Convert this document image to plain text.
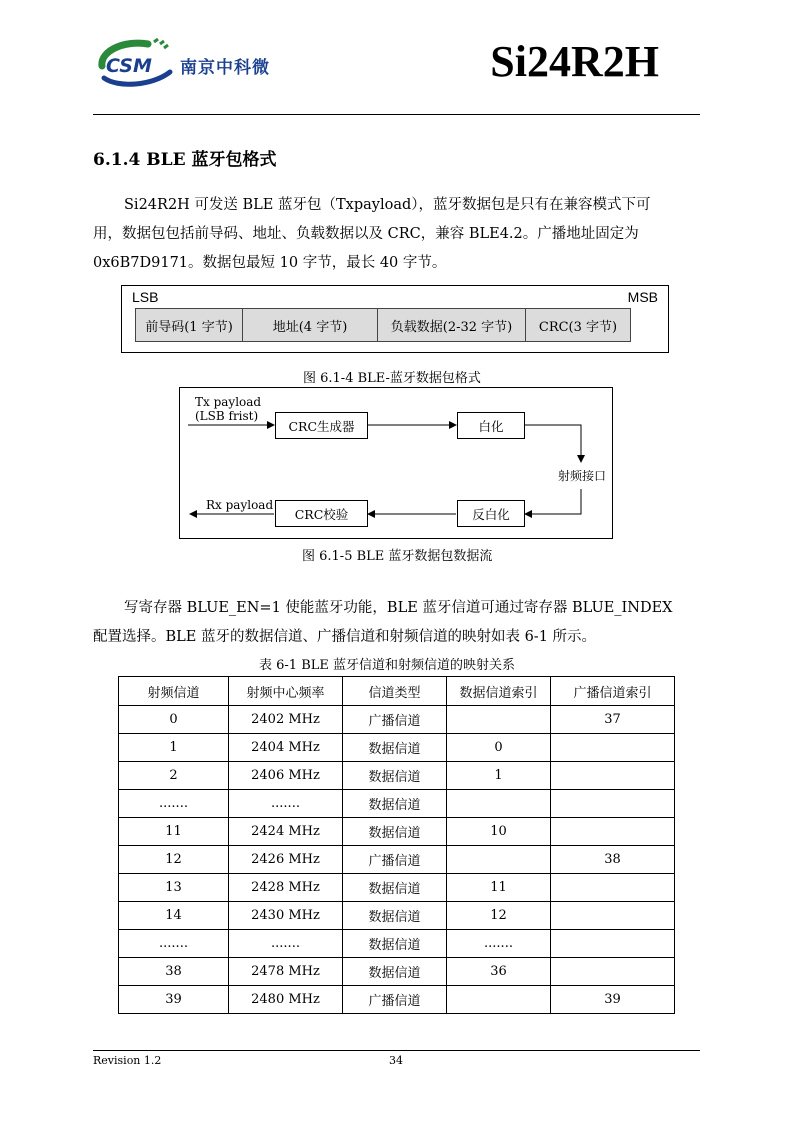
CSM 南京中科微	Si24R2H
6.1.4 BLE 蓝牙包格式

Si24R2H 可发送 BLE 蓝牙包（Txpayload），蓝牙数据包是只有在兼容模式下可

用，数据包包括前导码、地址、负载数据以及 CRC，兼容 BLE4.2。广播地址固定为

0x6B7D9171。数据包最短 10 字节，最长 40 字节。

LSB	MSB
前导码(1 字节)	地址(4 字节)	负载数据(2-32 字节)	CRC(3 字节)
图 6.1-4 BLE-蓝牙数据包格式
Tx payload
(LSB frist)
CRC生成器	白化
射频接口
反白化
CRC校验
Rx payload
图 6.1-5 BLE 蓝牙数据包数据流

写寄存器 BLUE_EN=1 使能蓝牙功能，BLE 蓝牙信道可通过寄存器 BLUE_INDEX

配置选择。BLE 蓝牙的数据信道、广播信道和射频信道的映射如表 6-1 所示。

表 6-1 BLE 蓝牙信道和射频信道的映射关系
射频信道	射频中心频率	信道类型	数据信道索引	广播信道索引
0	2402 MHz	广播信道		37
1	2404 MHz	数据信道	0	
2	2406 MHz	数据信道	1	
.......	.......	数据信道		
11	2424 MHz	数据信道	10	
12	2426 MHz	广播信道		38
13	2428 MHz	数据信道	11	
14	2430 MHz	数据信道	12	
.......	.......	数据信道	.......	
38	2478 MHz	数据信道	36	
39	2480 MHz	广播信道		39
Revision 1.2	34
